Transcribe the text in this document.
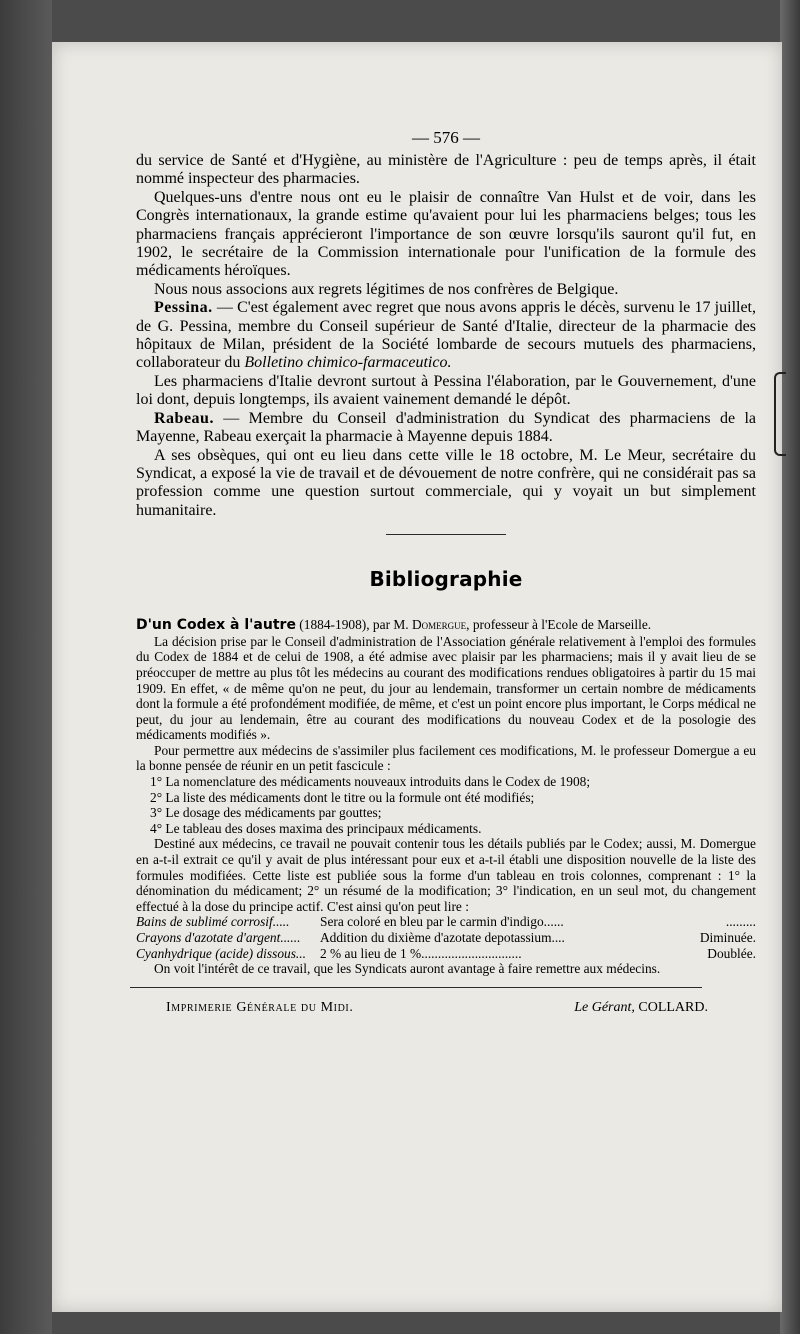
— 576 —

du service de Santé et d'Hygiène, au ministère de l'Agriculture : peu de temps après, il était nommé inspecteur des pharmacies.

Quelques-uns d'entre nous ont eu le plaisir de connaître Van Hulst et de voir, dans les Congrès internationaux, la grande estime qu'avaient pour lui les pharmaciens belges; tous les pharmaciens français apprécieront l'importance de son œuvre lorsqu'ils sauront qu'il fut, en 1902, le secrétaire de la Commission internationale pour l'unification de la formule des médicaments héroïques.

Nous nous associons aux regrets légitimes de nos confrères de Belgique.

Pessina. — C'est également avec regret que nous avons appris le décès, survenu le 17 juillet, de G. Pessina, membre du Conseil supérieur de Santé d'Italie, directeur de la pharmacie des hôpitaux de Milan, président de la Société lombarde de secours mutuels des pharmaciens, collaborateur du Bolletino chimico-farmaceutico.

Les pharmaciens d'Italie devront surtout à Pessina l'élaboration, par le Gouvernement, d'une loi dont, depuis longtemps, ils avaient vainement demandé le dépôt.

Rabeau. — Membre du Conseil d'administration du Syndicat des pharmaciens de la Mayenne, Rabeau exerçait la pharmacie à Mayenne depuis 1884.

A ses obsèques, qui ont eu lieu dans cette ville le 18 octobre, M. Le Meur, secrétaire du Syndicat, a exposé la vie de travail et de dévouement de notre confrère, qui ne considérait pas sa profession comme une question surtout commerciale, qui y voyait un but simplement humanitaire.

Bibliographie

D'un Codex à l'autre (1884-1908), par M. Domergue, professeur à l'Ecole de Marseille.

La décision prise par le Conseil d'administration de l'Association générale relativement à l'emploi des formules du Codex de 1884 et de celui de 1908, a été admise avec plaisir par les pharmaciens; mais il y avait lieu de se préoccuper de mettre au plus tôt les médecins au courant des modifications rendues obligatoires à partir du 15 mai 1909. En effet, « de même qu'on ne peut, du jour au lendemain, transformer un certain nombre de médicaments dont la formule a été profondément modifiée, de même, et c'est un point encore plus important, le Corps médical ne peut, du jour au lendemain, être au courant des modifications du nouveau Codex et de la posologie des médicaments modifiés ».

Pour permettre aux médecins de s'assimiler plus facilement ces modifications, M. le professeur Domergue a eu la bonne pensée de réunir en un petit fascicule :

1° La nomenclature des médicaments nouveaux introduits dans le Codex de 1908;
2° La liste des médicaments dont le titre ou la formule ont été modifiés;
3° Le dosage des médicaments par gouttes;
4° Le tableau des doses maxima des principaux médicaments.

Destiné aux médecins, ce travail ne pouvait contenir tous les détails publiés par le Codex; aussi, M. Domergue en a-t-il extrait ce qu'il y avait de plus intéressant pour eux et a-t-il établi une disposition nouvelle de la liste des formules modifiées. Cette liste est publiée sous la forme d'un tableau en trois colonnes, comprenant : 1° la dénomination du médicament; 2° un résumé de la modification; 3° l'indication, en un seul mot, du changement effectué à la dose du principe actif. C'est ainsi qu'on peut lire :

Bains de sublimé corrosif.....	Sera coloré en bleu par le carmin d'indigo......	.........
Crayons d'azotate d'argent......	Addition du dixième d'azotate depotassium....	Diminuée.
Cyanhydrique (acide) dissous...	2 % au lieu de 1 %..............................	Doublée.

On voit l'intérêt de ce travail, que les Syndicats auront avantage à faire remettre aux médecins.

Imprimerie Générale du Midi.	Le Gérant, COLLARD.
